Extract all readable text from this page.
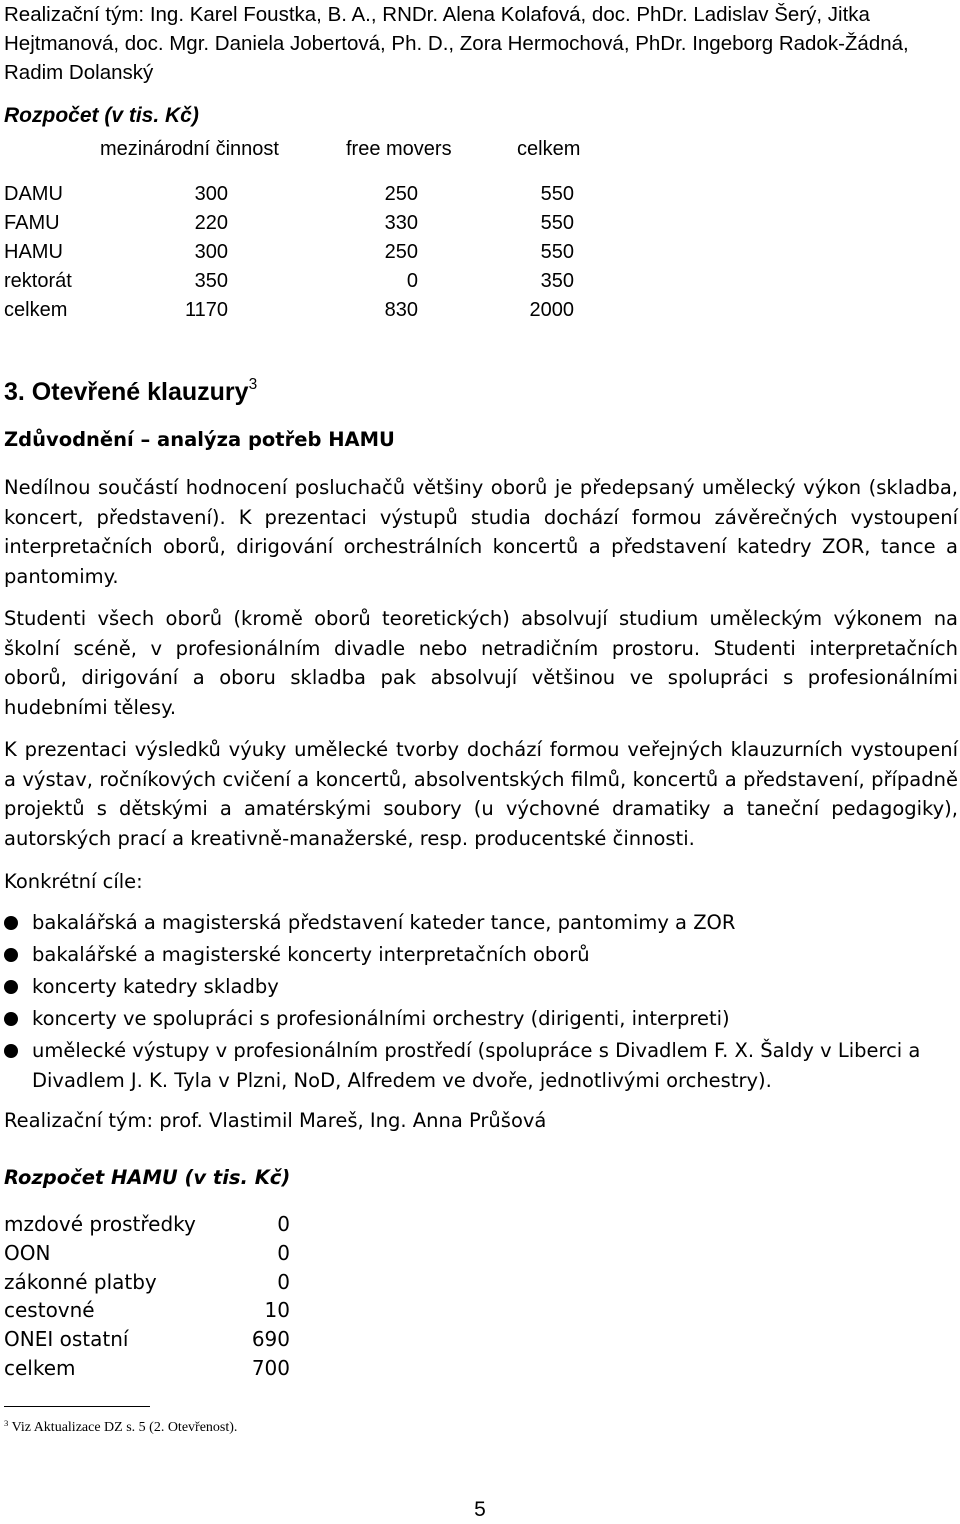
Realizační tým: Ing. Karel Foustka, B. A., RNDr. Alena Kolafová, doc. PhDr. Ladislav Šerý, Jitka Hejtmanová, doc. Mgr. Daniela Jobertová, Ph. D., Zora Hermochová, PhDr. Ingeborg Radok-Žádná, Radim Dolanský
Rozpočet (v tis. Kč)
mezinárodní činnost	free movers	celkem
DAMU	300	250	550
FAMU	220	330	550
HAMU	300	250	550
rektorát	350	0	350
celkem	1170	830	2000
3. Otevřené klauzury$^3$
Zdůvodnění – analýza potřeb HAMU
Nedílnou součástí hodnocení posluchačů většiny oborů je předepsaný umělecký výkon (skladba, koncert, představení). K prezentaci výstupů studia dochází formou závěrečných vystoupení interpretačních oborů, dirigování orchestrálních koncertů a představení katedry ZOR, tance a pantomimy.
Studenti všech oborů (kromě oborů teoretických) absolvují studium uměleckým výkonem na školní scéně, v profesionálním divadle nebo netradičním prostoru. Studenti interpretačních oborů, dirigování a oboru skladba pak absolvují většinou ve spolupráci s profesionálními hudebními tělesy.
K prezentaci výsledků výuky umělecké tvorby dochází formou veřejných klauzurních vystoupení a výstav, ročníkových cvičení a koncertů, absolventských filmů, koncertů a představení, případně projektů s dětskými a amatérskými soubory (u výchovné dramatiky a taneční pedagogiky), autorských prací a kreativně-manažerské, resp. producentské činnosti.
Konkrétní cíle:
bakalářská a magisterská představení kateder tance, pantomimy a ZOR
bakalářské a magisterské koncerty interpretačních oborů
koncerty katedry skladby
koncerty ve spolupráci s profesionálními orchestry (dirigenti, interpreti)
umělecké výstupy v profesionálním prostředí (spolupráce s Divadlem F. X. Šaldy v Liberci a Divadlem J. K. Tyla v Plzni, NoD, Alfredem ve dvoře, jednotlivými orchestry).
Realizační tým: prof. Vlastimil Mareš, Ing. Anna Průšová
Rozpočet HAMU (v tis. Kč)
mzdové prostředky	0
OON	0
zákonné platby	0
cestovné	10
ONEI ostatní	690
celkem	700
$^3$ Viz Aktualizace DZ s. 5 (2. Otevřenost).
5
